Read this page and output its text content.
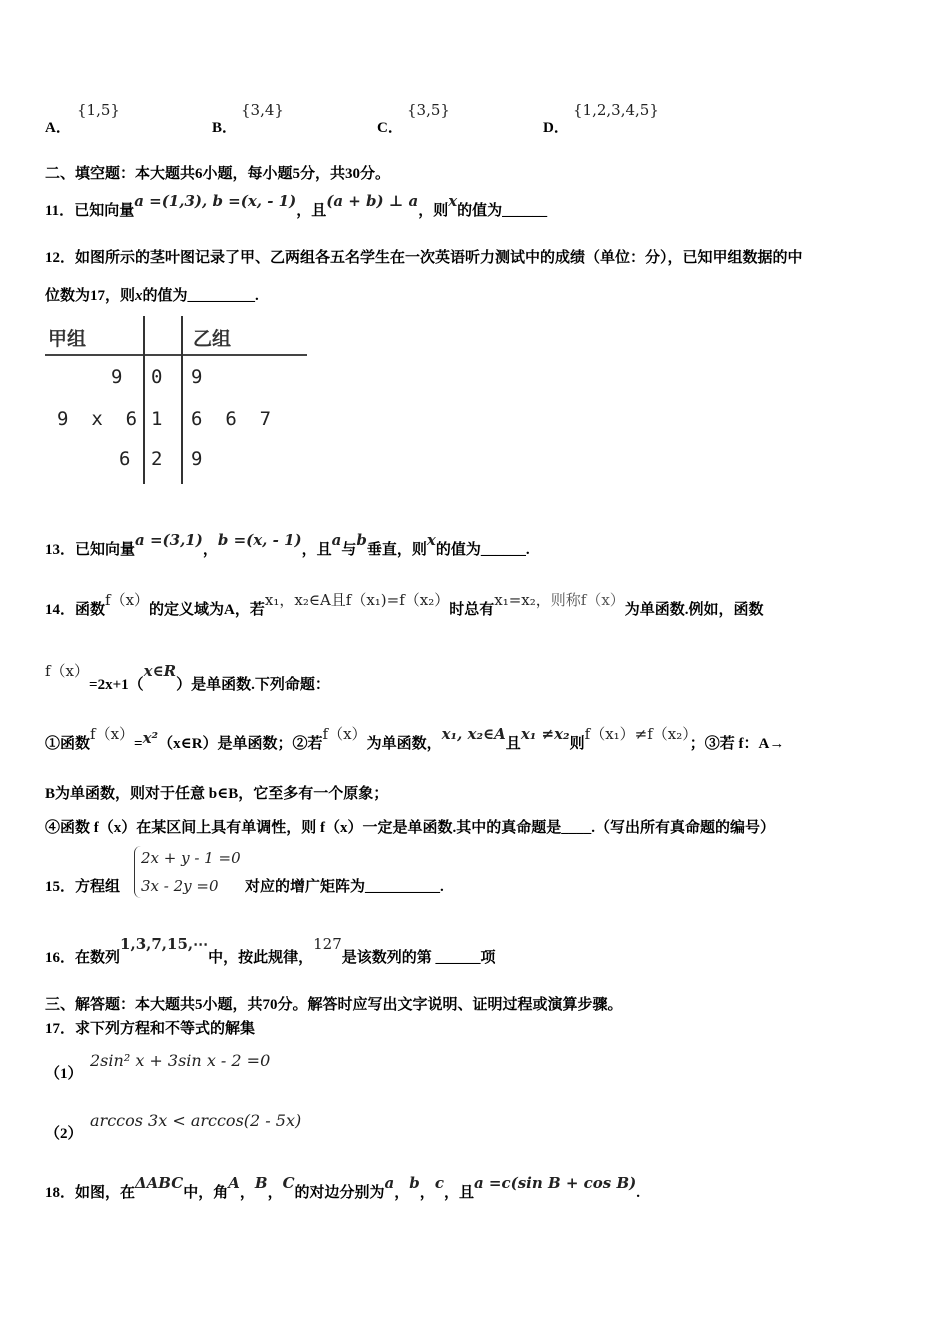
A．
{1,5}
B．
{3,4}
C．
{3,5}
D．
{1,2,3,4,5}
二、填空题：本大题共6小题，每小题5分，共30分。
11．已知向量a =(1,3), b =(x, - 1)，且(a + b) ⊥ a，则x的值为______
12．如图所示的茎叶图记录了甲、乙两组各五名学生在一次英语听力测试中的成绩（单位：分），已知甲组数据的中
位数为17，则x的值为_________.
甲组	乙组
9 0 9
9  x  6 1 6  6  7
6 2 9
13．已知向量a =(3,1)，b =(x, - 1)，且a与b垂直，则x的值为______.
14．函数f（x）的定义域为A，若x₁，x₂∈A且f（x₁)=f（x₂）时总有x₁=x₂，则称f（x）为单函数.例如，函数
f（x）=2x+1（x∈R）是单函数.下列命题：
①函数f（x）=x²（x∈R）是单函数；②若f（x）为单函数，x₁, x₂∈A且x₁ ≠x₂则f（x₁）≠f（x₂）；③若 f：A→
B为单函数，则对于任意 b∈B，它至多有一个原象；
④函数 f（x）在某区间上具有单调性，则 f（x）一定是单函数.其中的真命题是____.（写出所有真命题的编号）
15．方程组
2x + y - 1 =0
3x - 2y =0 对应的增广矩阵为__________.
16．在数列1,3,7,15,⋯中，按此规律，127是该数列的第 ______项
三、解答题：本大题共5小题，共70分。解答时应写出文字说明、证明过程或演算步骤。
17．求下列方程和不等式的解集
（1）
2sin² x + 3sin x - 2 =0
（2）
arccos 3x < arccos(2 - 5x)
18．如图，在ΔABC中，角A，B，C的对边分别为a，b，c，且a =c(sin B + cos B).
